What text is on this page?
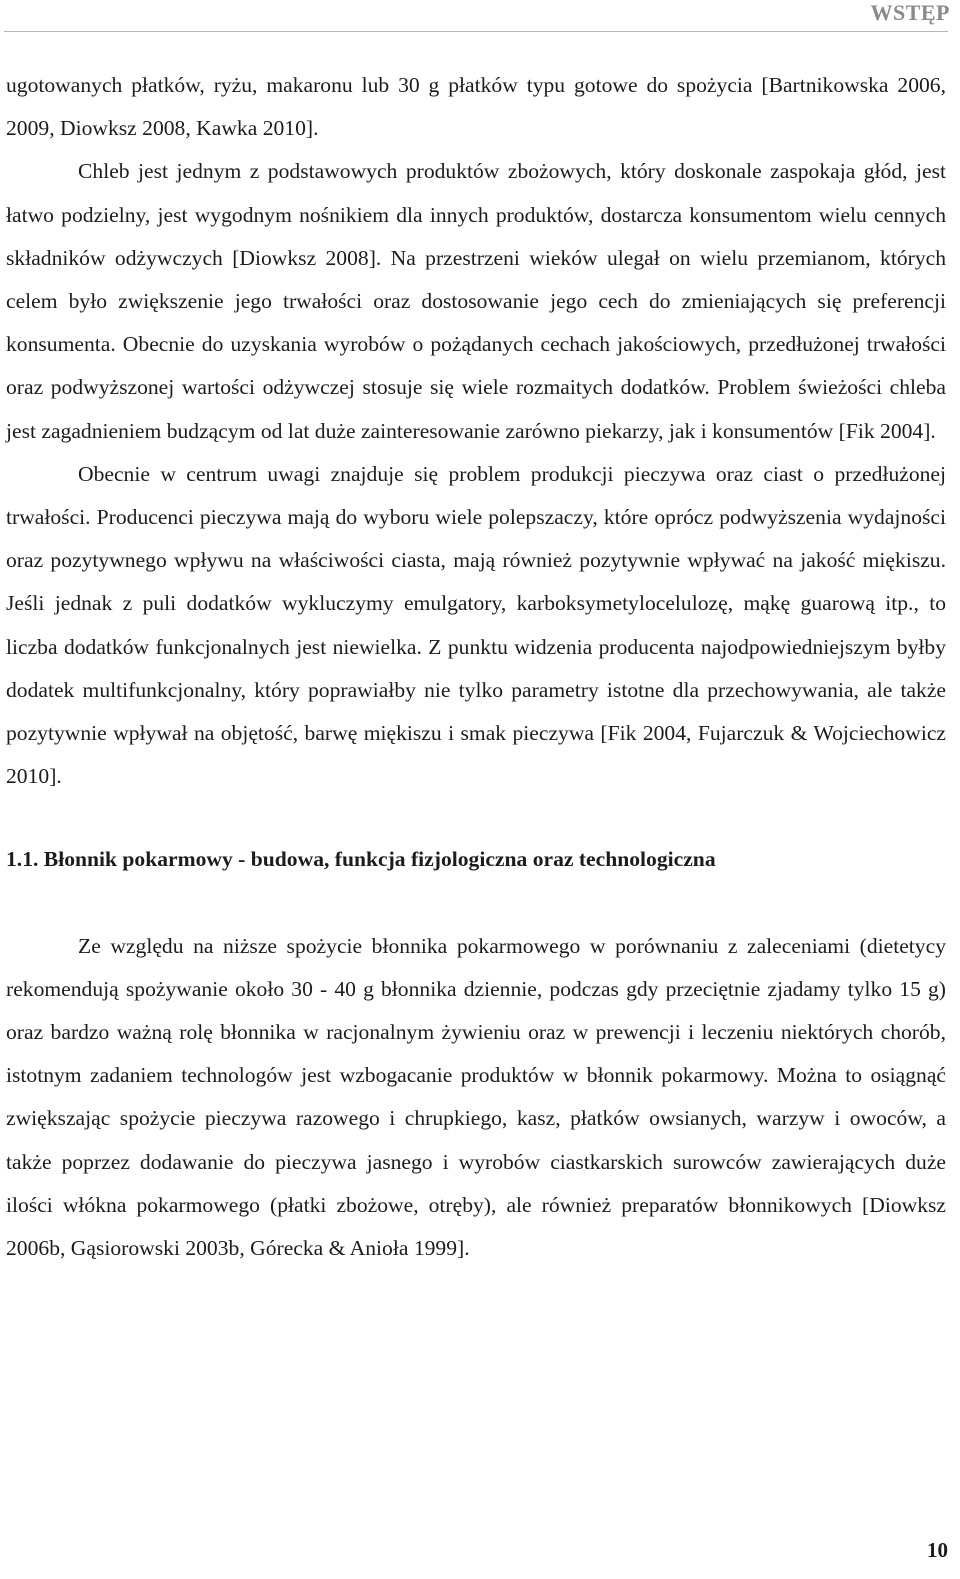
WSTĘP

ugotowanych płatków, ryżu, makaronu lub 30 g płatków typu gotowe do spożycia [Bartnikowska 2006, 2009, Diowksz 2008, Kawka 2010].

Chleb jest jednym z podstawowych produktów zbożowych, który doskonale zaspokaja głód, jest łatwo podzielny, jest wygodnym nośnikiem dla innych produktów, dostarcza konsumentom wielu cennych składników odżywczych [Diowksz 2008]. Na przestrzeni wieków ulegał on wielu przemianom, których celem było zwiększenie jego trwałości oraz dostosowanie jego cech do zmieniających się preferencji konsumenta. Obecnie do uzyskania wyrobów o pożądanych cechach jakościowych, przedłużonej trwałości oraz podwyższonej wartości odżywczej stosuje się wiele rozmaitych dodatków. Problem świeżości chleba jest zagadnieniem budzącym od lat duże zainteresowanie zarówno piekarzy, jak i konsumentów [Fik 2004].

Obecnie w centrum uwagi znajduje się problem produkcji pieczywa oraz ciast o przedłużonej trwałości. Producenci pieczywa mają do wyboru wiele polepszaczy, które oprócz podwyższenia wydajności oraz pozytywnego wpływu na właściwości ciasta, mają również pozytywnie wpływać na jakość miękiszu. Jeśli jednak z puli dodatków wykluczymy emulgatory, karboksymetylocelulozę, mąkę guarową itp., to liczba dodatków funkcjonalnych jest niewielka. Z punktu widzenia producenta najodpowiedniejszym byłby dodatek multifunkcjonalny, który poprawiałby nie tylko parametry istotne dla przechowywania, ale także pozytywnie wpływał na objętość, barwę miękiszu i smak pieczywa [Fik 2004, Fujarczuk & Wojciechowicz 2010].

1.1. Błonnik pokarmowy - budowa, funkcja fizjologiczna oraz technologiczna

Ze względu na niższe spożycie błonnika pokarmowego w porównaniu z zaleceniami (dietetycy rekomendują spożywanie około 30 - 40 g błonnika dziennie, podczas gdy przeciętnie zjadamy tylko 15 g) oraz bardzo ważną rolę błonnika w racjonalnym żywieniu oraz w prewencji i leczeniu niektórych chorób, istotnym zadaniem technologów jest wzbogacanie produktów w błonnik pokarmowy. Można to osiągnąć zwiększając spożycie pieczywa razowego i chrupkiego, kasz, płatków owsianych, warzyw i owoców, a także poprzez dodawanie do pieczywa jasnego i wyrobów ciastkarskich surowców zawierających duże ilości włókna pokarmowego (płatki zbożowe, otręby), ale również preparatów błonnikowych [Diowksz 2006b, Gąsiorowski 2003b, Górecka & Anioła 1999].

10
